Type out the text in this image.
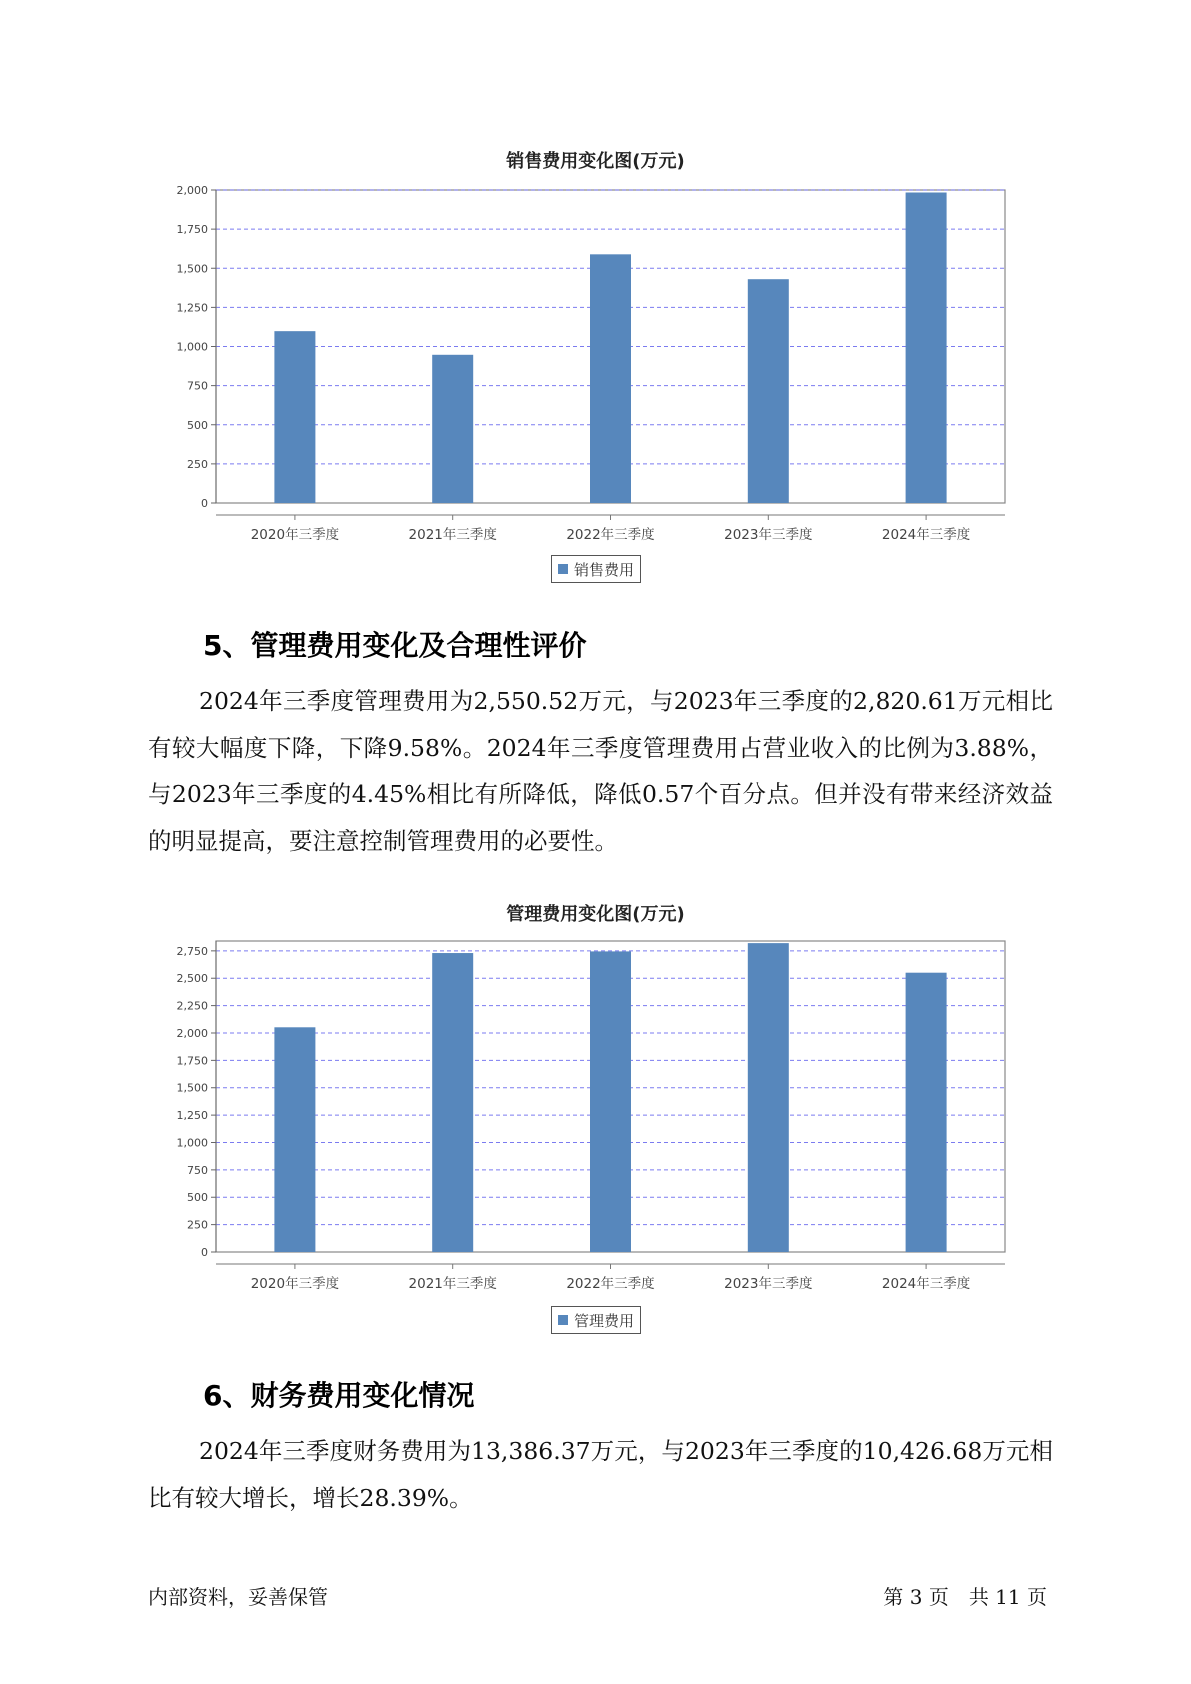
销售费用变化图(万元)
0
250
500
750
1,000
1,250
1,500
1,750
2,000
2020年三季度	2021年三季度	2022年三季度	2023年三季度	2024年三季度
销售费用
5、管理费用变化及合理性评价
2024年三季度管理费用为2,550.52万元，与2023年三季度的2,820.61万元相比有较大幅度下降，下降9.58%。2024年三季度管理费用占营业收入的比例为3.88%，与2023年三季度的4.45%相比有所降低，降低0.57个百分点。但并没有带来经济效益的明显提高，要注意控制管理费用的必要性。
管理费用变化图(万元)
0
250
500
750
1,000
1,250
1,500
1,750
2,000
2,250
2,500
2,750
2020年三季度	2021年三季度	2022年三季度	2023年三季度	2024年三季度
管理费用
6、财务费用变化情况
2024年三季度财务费用为13,386.37万元，与2023年三季度的10,426.68万元相比有较大增长，增长28.39%。
内部资料，妥善保管	第 3 页　共 11 页
